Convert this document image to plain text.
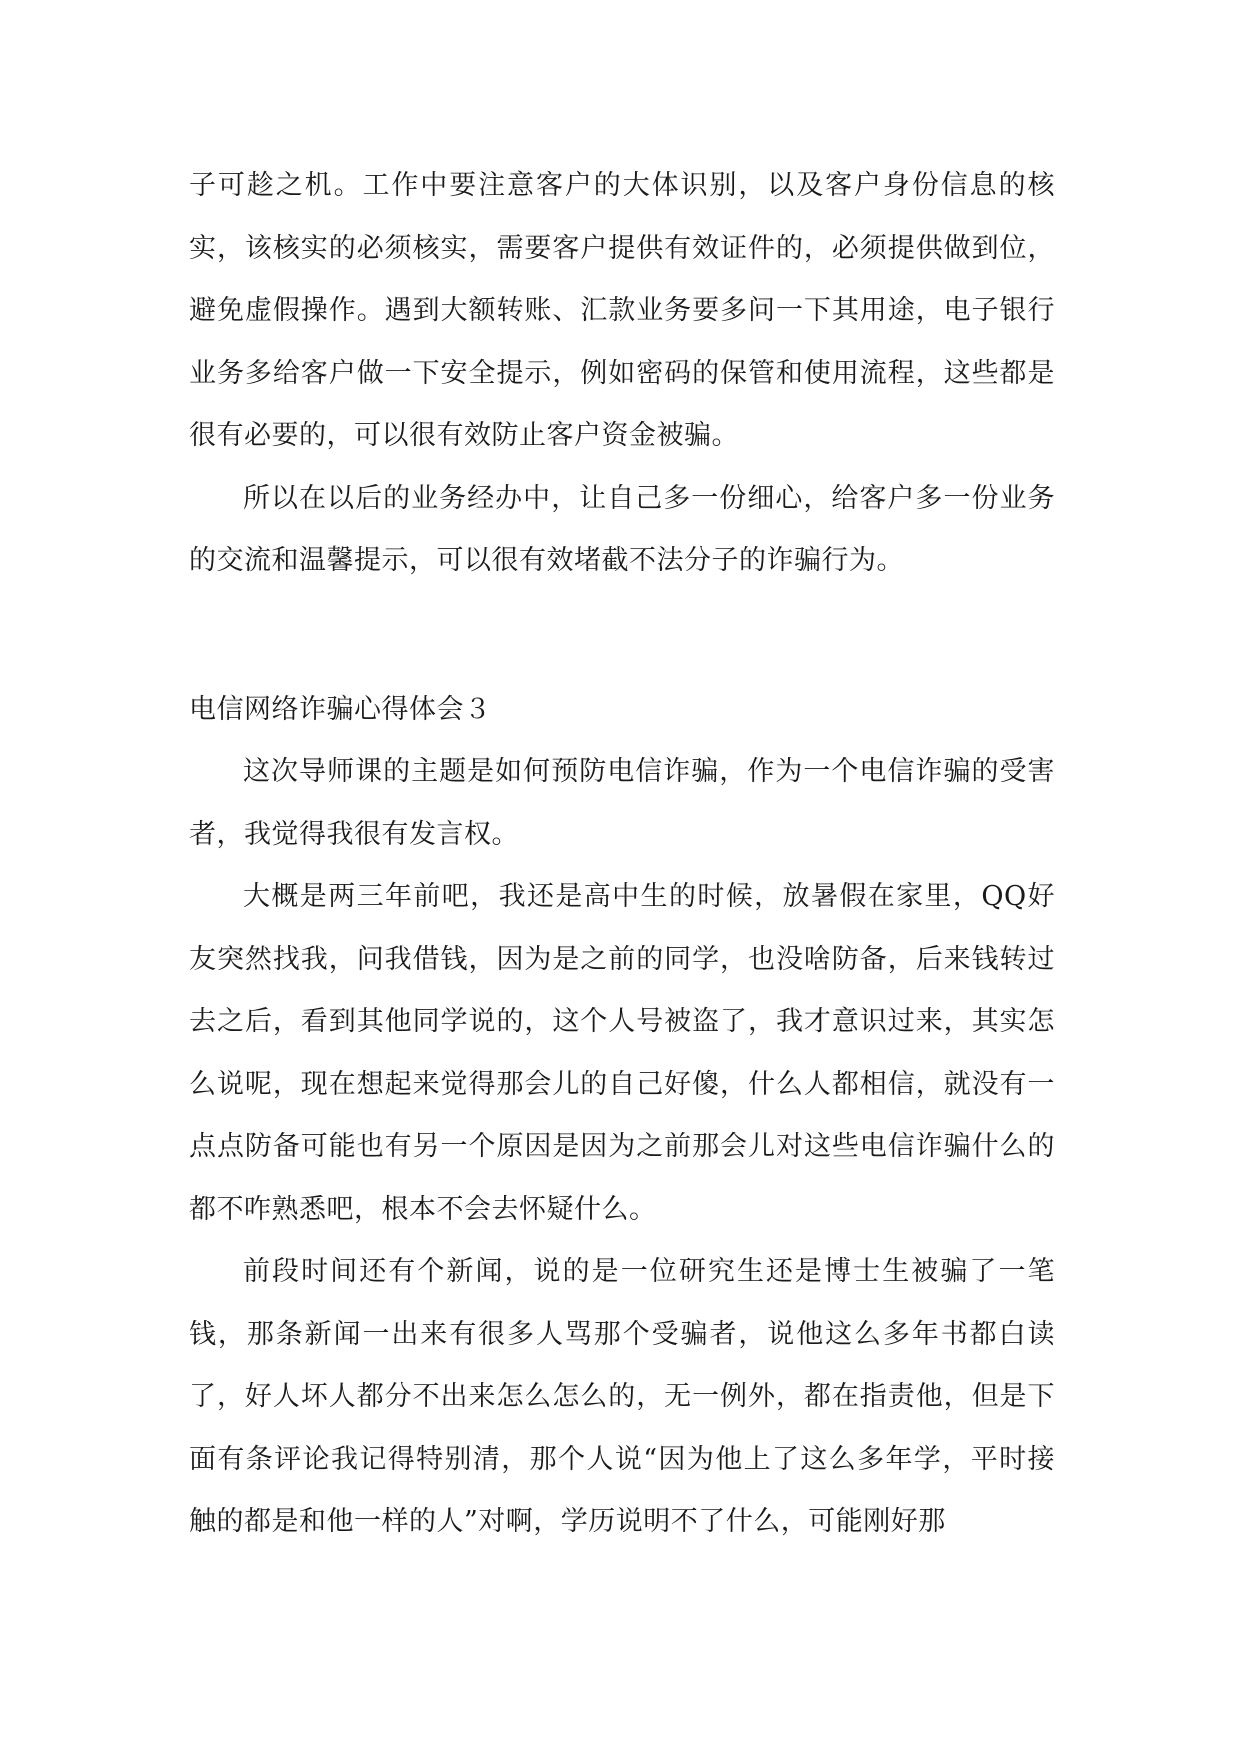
子可趁之机。工作中要注意客户的大体识别，以及客户身份信息的核实，该核实的必须核实，需要客户提供有效证件的，必须提供做到位，避免虚假操作。遇到大额转账、汇款业务要多问一下其用途，电子银行业务多给客户做一下安全提示，例如密码的保管和使用流程，这些都是很有必要的，可以很有效防止客户资金被骗。

所以在以后的业务经办中，让自己多一份细心，给客户多一份业务的交流和温馨提示，可以很有效堵截不法分子的诈骗行为。

电信网络诈骗心得体会３

这次导师课的主题是如何预防电信诈骗，作为一个电信诈骗的受害者，我觉得我很有发言权。

大概是两三年前吧，我还是高中生的时候，放暑假在家里，QQ好友突然找我，问我借钱，因为是之前的同学，也没啥防备，后来钱转过去之后，看到其他同学说的，这个人号被盗了，我才意识过来，其实怎么说呢，现在想起来觉得那会儿的自己好傻，什么人都相信，就没有一点点防备可能也有另一个原因是因为之前那会儿对这些电信诈骗什么的都不咋熟悉吧，根本不会去怀疑什么。

前段时间还有个新闻，说的是一位研究生还是博士生被骗了一笔钱，那条新闻一出来有很多人骂那个受骗者，说他这么多年书都白读了，好人坏人都分不出来怎么怎么的，无一例外，都在指责他，但是下面有条评论我记得特别清，那个人说“因为他上了这么多年学，平时接触的都是和他一样的人”对啊，学历说明不了什么，可能刚好那
